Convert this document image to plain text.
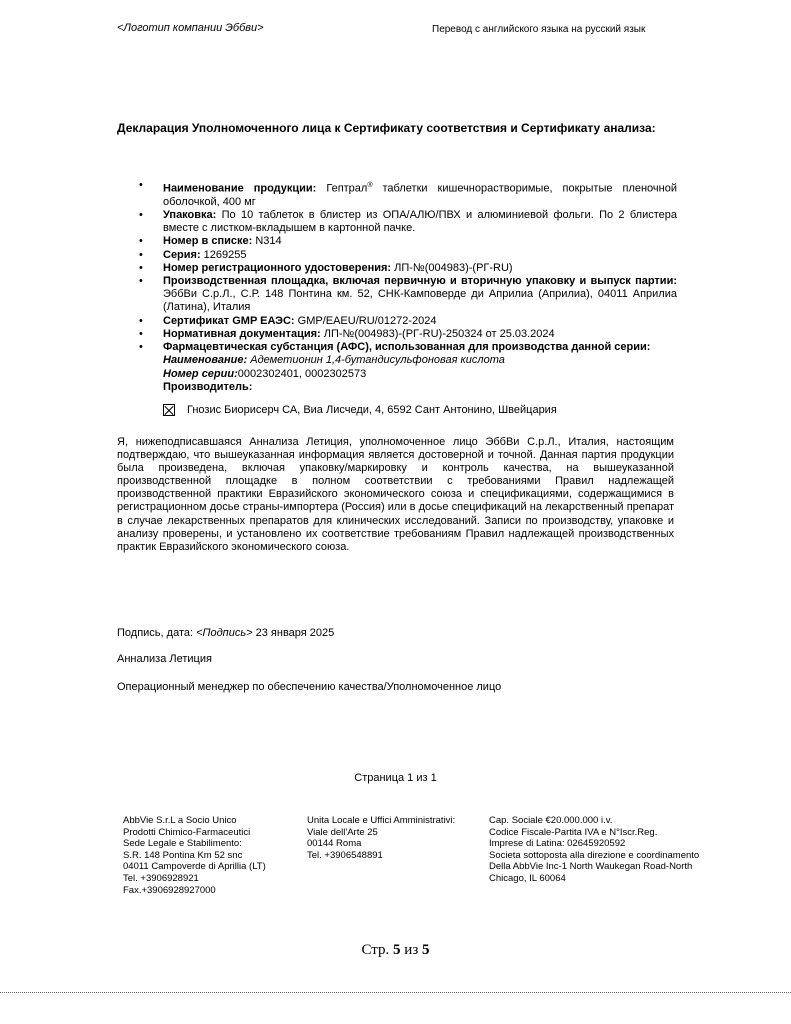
<Логотип компании Эббви>	Перевод с английского языка на русский язык
Декларация Уполномоченного лица к Сертификату соответствия и Сертификату анализа:
• Наименование продукции: Гептрал® таблетки кишечнорастворимые, покрытые пленочной оболочкой, 400 мг
• Упаковка: По 10 таблеток в блистер из ОПА/АЛЮ/ПВХ и алюминиевой фольги. По 2 блистера вместе с листком-вкладышем в картонной пачке.
• Номер в списке: N314
• Серия: 1269255
• Номер регистрационного удостоверения: ЛП-№(004983)-(РГ-RU)
• Производственная площадка, включая первичную и вторичную упаковку и выпуск партии: ЭббВи С.р.Л., С.Р. 148 Понтина км. 52, СНК-Камповерде ди Априлиа (Априлиа), 04011 Априлиа (Латина), Италия
• Сертификат GMP ЕАЭС: GMP/EAEU/RU/01272-2024
• Нормативная документация: ЛП-№(004983)-(РГ-RU)-250324 от 25.03.2024
• Фармацевтическая субстанция (АФС), использованная для производства данной серии:
Наименование: Адеметионин 1,4-бутандисульфоновая кислота
Номер серии:0002302401, 0002302573
Производитель:
Гнозис Биорисерч СА, Виа Лисчеди, 4, 6592 Сант Антонино, Швейцария
Я, нижеподписавшаяся Аннализа Летиция, уполномоченное лицо ЭббВи С.р.Л., Италия, настоящим подтверждаю, что вышеуказанная информация является достоверной и точной. Данная партия продукции была произведена, включая упаковку/маркировку и контроль качества, на вышеуказанной производственной площадке в полном соответствии с требованиями Правил надлежащей производственной практики Евразийского экономического союза и спецификациями, содержащимися в регистрационном досье страны-импортера (Россия) или в досье спецификаций на лекарственный препарат в случае лекарственных препаратов для клинических исследований. Записи по производству, упаковке и анализу проверены, и установлено их соответствие требованиям Правил надлежащей производственных практик Евразийского экономического союза.
Подпись, дата: <Подпись> 23 января 2025
Аннализа Летиция
Операционный менеджер по обеспечению качества/Уполномоченное лицо
Страница 1 из 1
AbbVie S.r.L a Socio Unico
Prodotti Chimico-Farmaceutici
Sede Legale e Stabilimento:
S.R. 148 Pontina Km 52 snc
04011 Campoverde di Aprillia (LT)
Tel. +3906928921
Fax.+3906928927000
Unita Locale e Uffici Amministrativi:
Viale dell'Arte 25
00144 Roma
Tel. +3906548891
Cap. Sociale €20.000.000 i.v.
Codice Fiscale-Partita IVA e N°Iscr.Reg.
Imprese di Latina: 02645920592
Societa sottoposta alla direzione e coordinamento
Della AbbVie Inc-1 North Waukegan Road-North
Chicago, IL 60064
Стр. 5 из 5
